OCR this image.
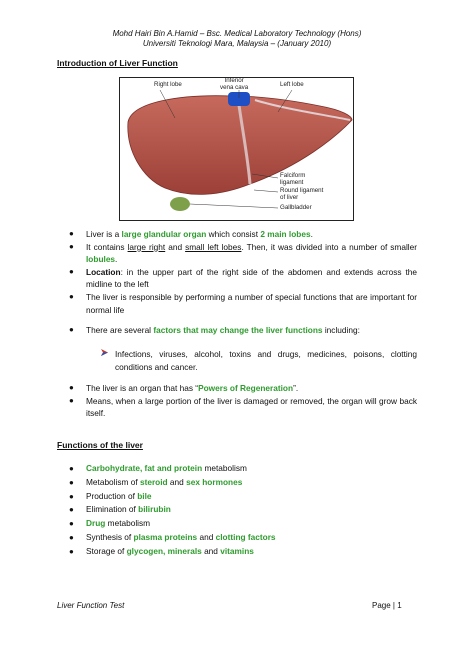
Mohd Hairi Bin A.Hamid – Bsc. Medical Laboratory Technology (Hons)
Universiti Teknologi Mara, Malaysia – (January 2010)
Introduction of Liver Function
Right lobe
Inferior
vena cava	Left lobe
Falciform
ligament
Round ligament
of liver
Gallbladder
● Liver is a large glandular organ which consist 2 main lobes.
● It contains large right and small left lobes. Then, it was divided into a number of smaller lobules.
● Location: in the upper part of the right side of the abdomen and extends across the midline to the left
● The liver is responsible by performing a number of special functions that are important for normal life
● There are several factors that may change the liver functions including:
Infections, viruses, alcohol, toxins and drugs, medicines, poisons, clotting conditions and cancer.
● The liver is an organ that has “Powers of Regeneration”.
● Means, when a large portion of the liver is damaged or removed, the organ will grow back itself.
Functions of the liver
● Carbohydrate, fat and protein metabolism
● Metabolism of steroid and sex hormones
● Production of bile
● Elimination of bilirubin
● Drug metabolism
● Synthesis of plasma proteins and clotting factors
● Storage of glycogen, minerals and vitamins
Liver Function Test	Page | 1
